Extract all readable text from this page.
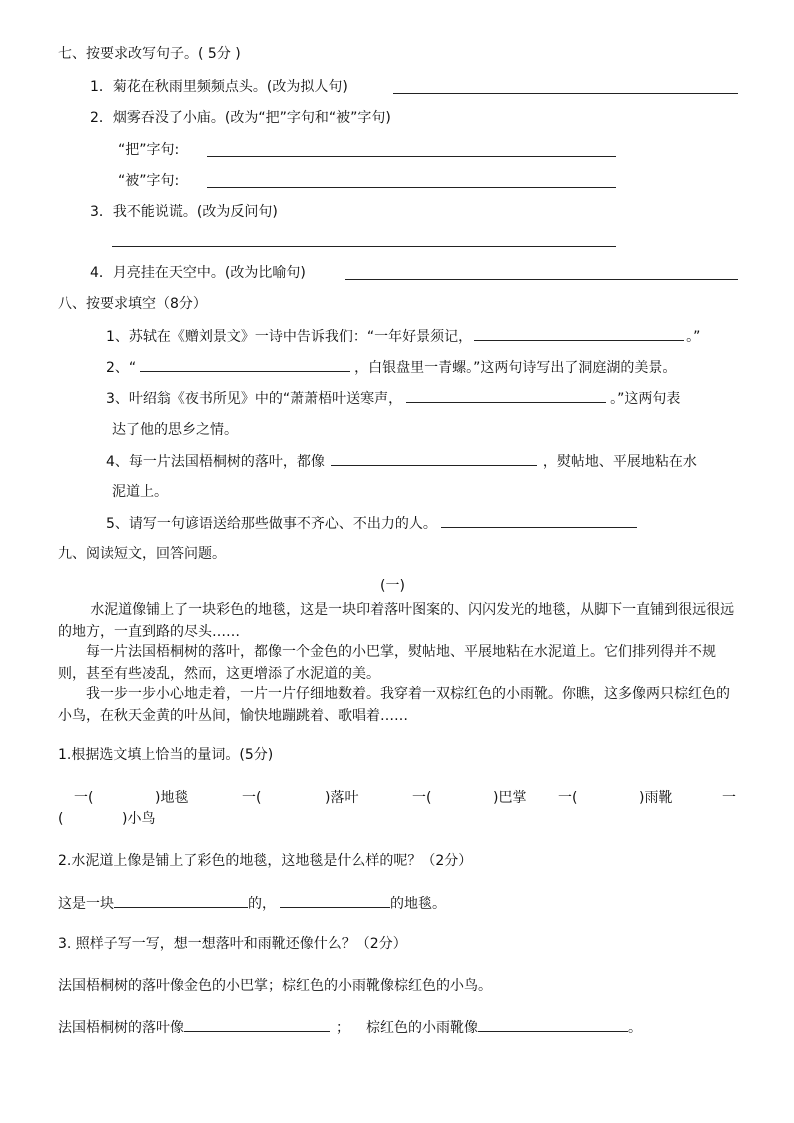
七、按要求改写句子。( 5分 )
1．菊花在秋雨里频频点头。(改为拟人句)
2．烟雾吞没了小庙。(改为“把”字句和“被”字句)
“把”字句:
“被”字句:
3．我不能说谎。(改为反问句)
4．月亮挂在天空中。(改为比喻句)
八、按要求填空（8分）
1、苏轼在《赠刘景文》一诗中告诉我们：“一年好景须记，	。”
2、“	，白银盘里一青螺。”这两句诗写出了洞庭湖的美景。
3、叶绍翁《夜书所见》中的“萧萧梧叶送寒声，	。”这两句表
达了他的思乡之情。
4、每一片法国梧桐树的落叶，都像	，熨帖地、平展地粘在水
泥道上。
5、请写一句谚语送给那些做事不齐心、不出力的人。
九、阅读短文，回答问题。
(一)
水泥道像铺上了一块彩色的地毯，这是一块印着落叶图案的、闪闪发光的地毯，从脚下一直铺到很远很远的地方，一直到路的尽头……
每一片法国梧桐树的落叶，都像一个金色的小巴掌，熨帖地、平展地粘在水泥道上。它们排列得并不规则，甚至有些凌乱，然而，这更增添了水泥道的美。
我一步一步小心地走着，一片一片仔细地数着。我穿着一双棕红色的小雨靴。你瞧，这多像两只棕红色的小鸟，在秋天金黄的叶丛间，愉快地蹦跳着、歌唱着……
1.根据选文填上恰当的量词。(5分)
一(	)地毯	一(	)落叶	一(	)巴掌 一(	)雨靴	一
(	)小鸟
2.水泥道上像是铺上了彩色的地毯，这地毯是什么样的呢？（2分）
这是一块	的，	的地毯。
3. 照样子写一写，想一想落叶和雨靴还像什么？（2分）
法国梧桐树的落叶像金色的小巴掌；棕红色的小雨靴像棕红色的小鸟。
法国梧桐树的落叶像	； 棕红色的小雨靴像	。
